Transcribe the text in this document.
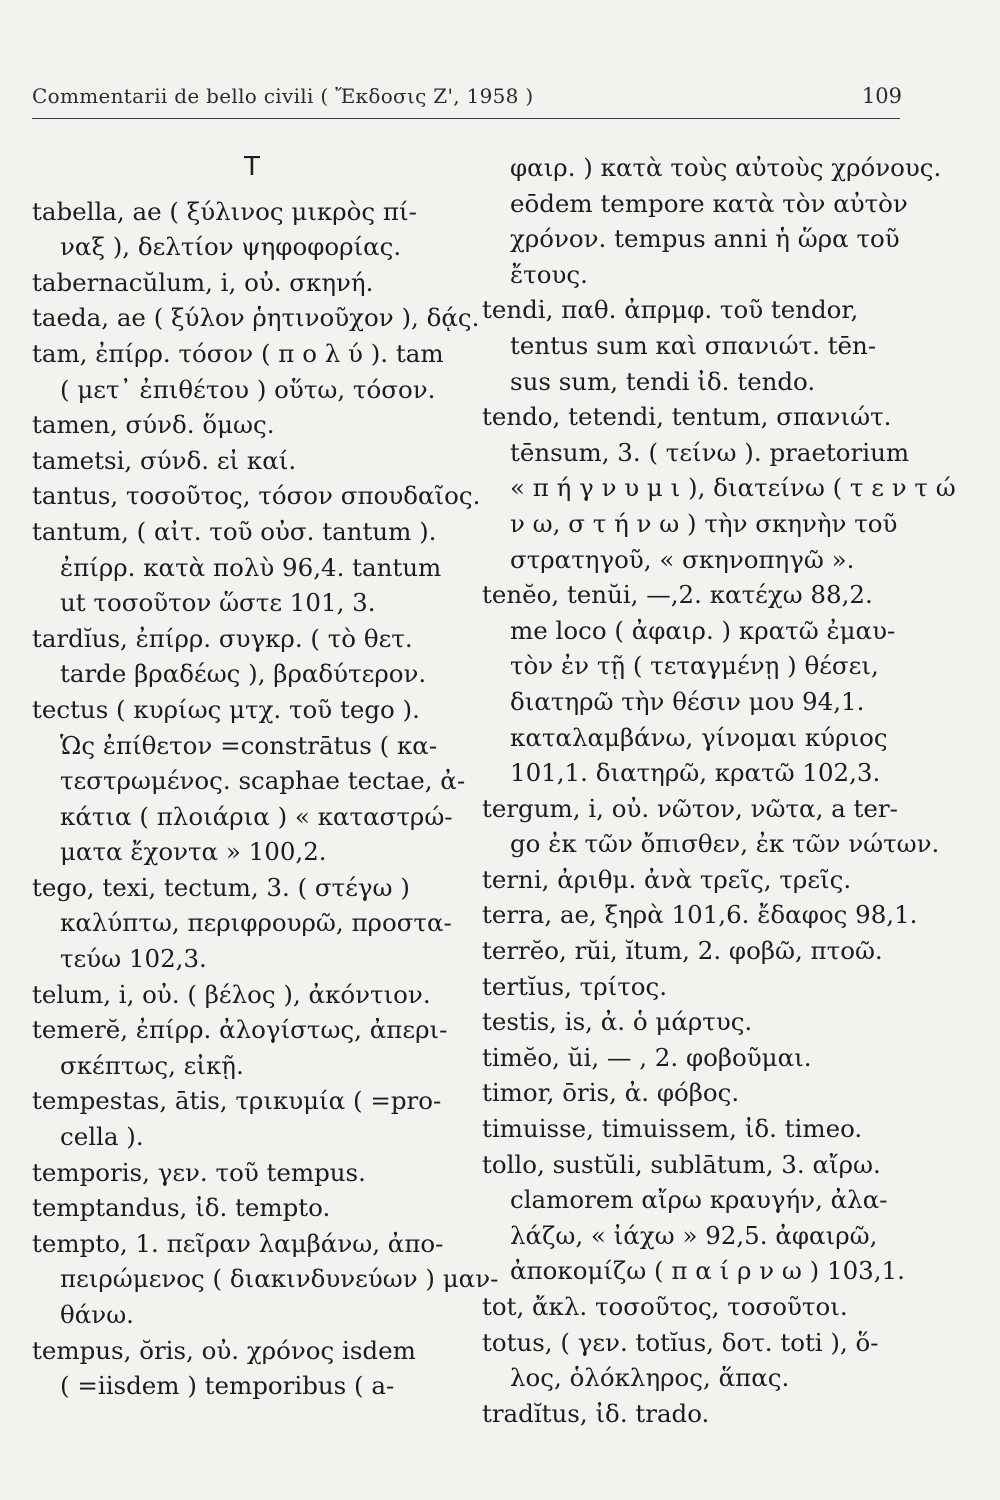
Commentarii de bello civili ( Ἔκδοσις Ζ', 1958 )	109
T
tabella, ae ( ξύλινος μικρὸς πί-
ναξ ), δελτίον ψηφοφορίας.
tabernacŭlum, i, οὐ. σκηνή.
taeda, ae ( ξύλον ῥητινοῦχον ), δᾴς.
tam, ἐπίρρ. τόσον ( π ο λ ύ ). tam
( μετ᾽ ἐπιθέτου ) οὕτω, τόσον.
tamen, σύνδ. ὅμως.
tametsi, σύνδ. εἰ καί.
tantus, τοσοῦτος, τόσον σπουδαῖος.
tantum, ( αἰτ. τοῦ οὐσ. tantum ).
ἐπίρρ. κατὰ πολὺ 96,4. tantum
ut τοσοῦτον ὥστε 101, 3.
tardĭus, ἐπίρρ. συγκρ. ( τὸ θετ.
tarde βραδέως ), βραδύτερον.
tectus ( κυρίως μτχ. τοῦ tego ).
Ὡς ἐπίθετον =constrātus ( κα-
τεστρωμένος. scaphae tectae, ἀ-
κάτια ( πλοιάρια ) « καταστρώ-
ματα ἔχοντα » 100,2.
tego, texi, tectum, 3. ( στέγω )
καλύπτω, περιφρουρῶ, προστα-
τεύω 102,3.
telum, i, οὐ. ( βέλος ), ἀκόντιον.
temerĕ, ἐπίρρ. ἀλογίστως, ἀπερι-
σκέπτως, εἰκῇ.
tempestas, ātis, τρικυμία ( =pro-
cella ).
temporis, γεν. τοῦ tempus.
temptandus, ἰδ. tempto.
tempto, 1. πεῖραν λαμβάνω, ἀπο-
πειρώμενος ( διακινδυνεύων ) μαν-
θάνω.
tempus, ŏris, οὐ. χρόνος isdem
( =iisdem ) temporibus ( a-
φαιρ. ) κατὰ τοὺς αὐτοὺς χρόνους.
eōdem tempore κατὰ τὸν αὐτὸν
χρόνον. tempus anni ἡ ὥρα τοῦ
ἔτους.
tendi, παθ. ἀπρμφ. τοῦ tendor,
tentus sum καὶ σπανιώτ. tēn-
sus sum, tendi ἰδ. tendo.
tendo, tetendi, tentum, σπανιώτ.
tēnsum, 3. ( τείνω ). praetorium
« π ή γ ν υ μ ι ), διατείνω ( τ ε ν τ ώ
ν ω, σ τ ή ν ω ) τὴν σκηνὴν τοῦ
στρατηγοῦ, « σκηνοπηγῶ ».
tenĕo, tenŭi, —,2. κατέχω 88,2.
me loco ( ἀφαιρ. ) κρατῶ ἐμαυ-
τὸν ἐν τῇ ( τεταγμένῃ ) θέσει,
διατηρῶ τὴν θέσιν μου 94,1.
καταλαμβάνω, γίνομαι κύριος
101,1. διατηρῶ, κρατῶ 102,3.
tergum, i, οὐ. νῶτον, νῶτα, a ter-
go ἐκ τῶν ὄπισθεν, ἐκ τῶν νώτων.
terni, ἀριθμ. ἀνὰ τρεῖς, τρεῖς.
terra, ae, ξηρὰ 101,6. ἔδαφος 98,1.
terrĕo, rŭi, ĭtum, 2. φοβῶ, πτοῶ.
tertĭus, τρίτος.
testis, is, ἀ. ὁ μάρτυς.
timĕo, ŭi, — , 2. φοβοῦμαι.
timor, ōris, ἀ. φόβος.
timuisse, timuissem, ἰδ. timeo.
tollo, sustŭli, sublātum, 3. αἴρω.
clamorem αἴρω κραυγήν, ἀλα-
λάζω, « ἰάχω » 92,5. ἀφαιρῶ,
ἀποκομίζω ( π α ί ρ ν ω ) 103,1.
tot, ἄκλ. τοσοῦτος, τοσοῦτοι.
totus, ( γεν. totĭus, δοτ. toti ), ὅ-
λος, ὁλόκληρος, ἅπας.
tradĭtus, ἰδ. trado.
